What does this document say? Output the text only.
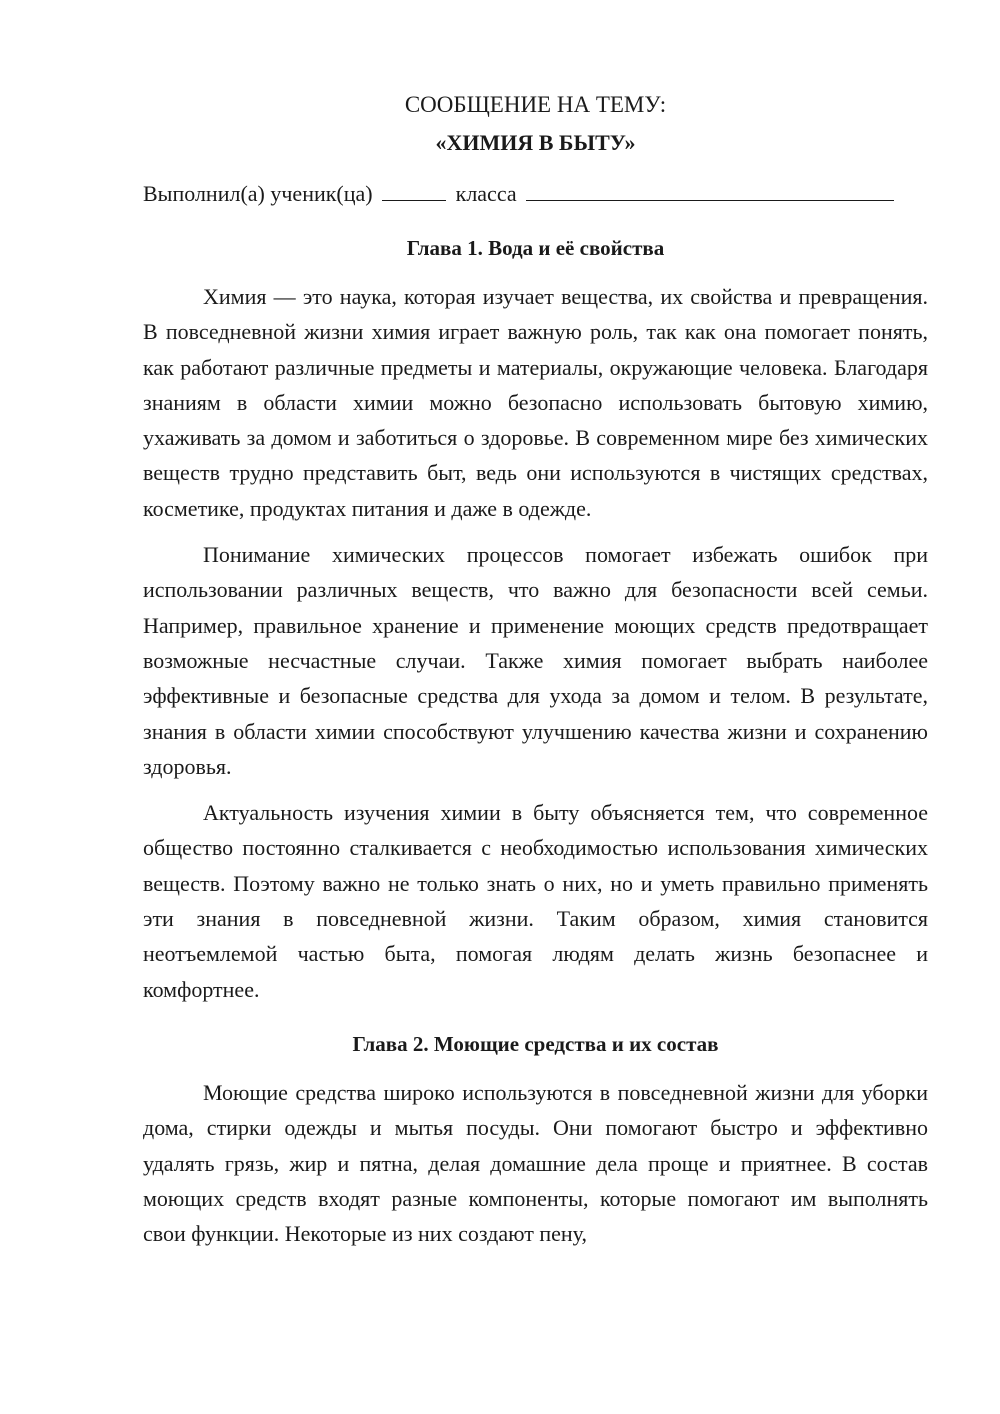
СООБЩЕНИЕ НА ТЕМУ:

«ХИМИЯ В БЫТУ»

Выполнил(а) ученик(ца)	класса
Глава 1. Вода и её свойства

Химия — это наука, которая изучает вещества, их свойства и превращения. В повседневной жизни химия играет важную роль, так как она помогает понять, как работают различные предметы и материалы, окружающие человека. Благодаря знаниям в области химии можно безопасно использовать бытовую химию, ухаживать за домом и заботиться о здоровье. В современном мире без химических веществ трудно представить быт, ведь они используются в чистящих средствах, косметике, продуктах питания и даже в одежде.

Понимание химических процессов помогает избежать ошибок при использовании различных веществ, что важно для безопасности всей семьи. Например, правильное хранение и применение моющих средств предотвращает возможные несчастные случаи. Также химия помогает выбрать наиболее эффективные и безопасные средства для ухода за домом и телом. В результате, знания в области химии способствуют улучшению качества жизни и сохранению здоровья.

Актуальность изучения химии в быту объясняется тем, что современное общество постоянно сталкивается с необходимостью использования химических веществ. Поэтому важно не только знать о них, но и уметь правильно применять эти знания в повседневной жизни. Таким образом, химия становится неотъемлемой частью быта, помогая людям делать жизнь безопаснее и комфортнее.

Глава 2. Моющие средства и их состав

Моющие средства широко используются в повседневной жизни для уборки дома, стирки одежды и мытья посуды. Они помогают быстро и эффективно удалять грязь, жир и пятна, делая домашние дела проще и приятнее. В состав моющих средств входят разные компоненты, которые помогают им выполнять свои функции. Некоторые из них создают пену,
